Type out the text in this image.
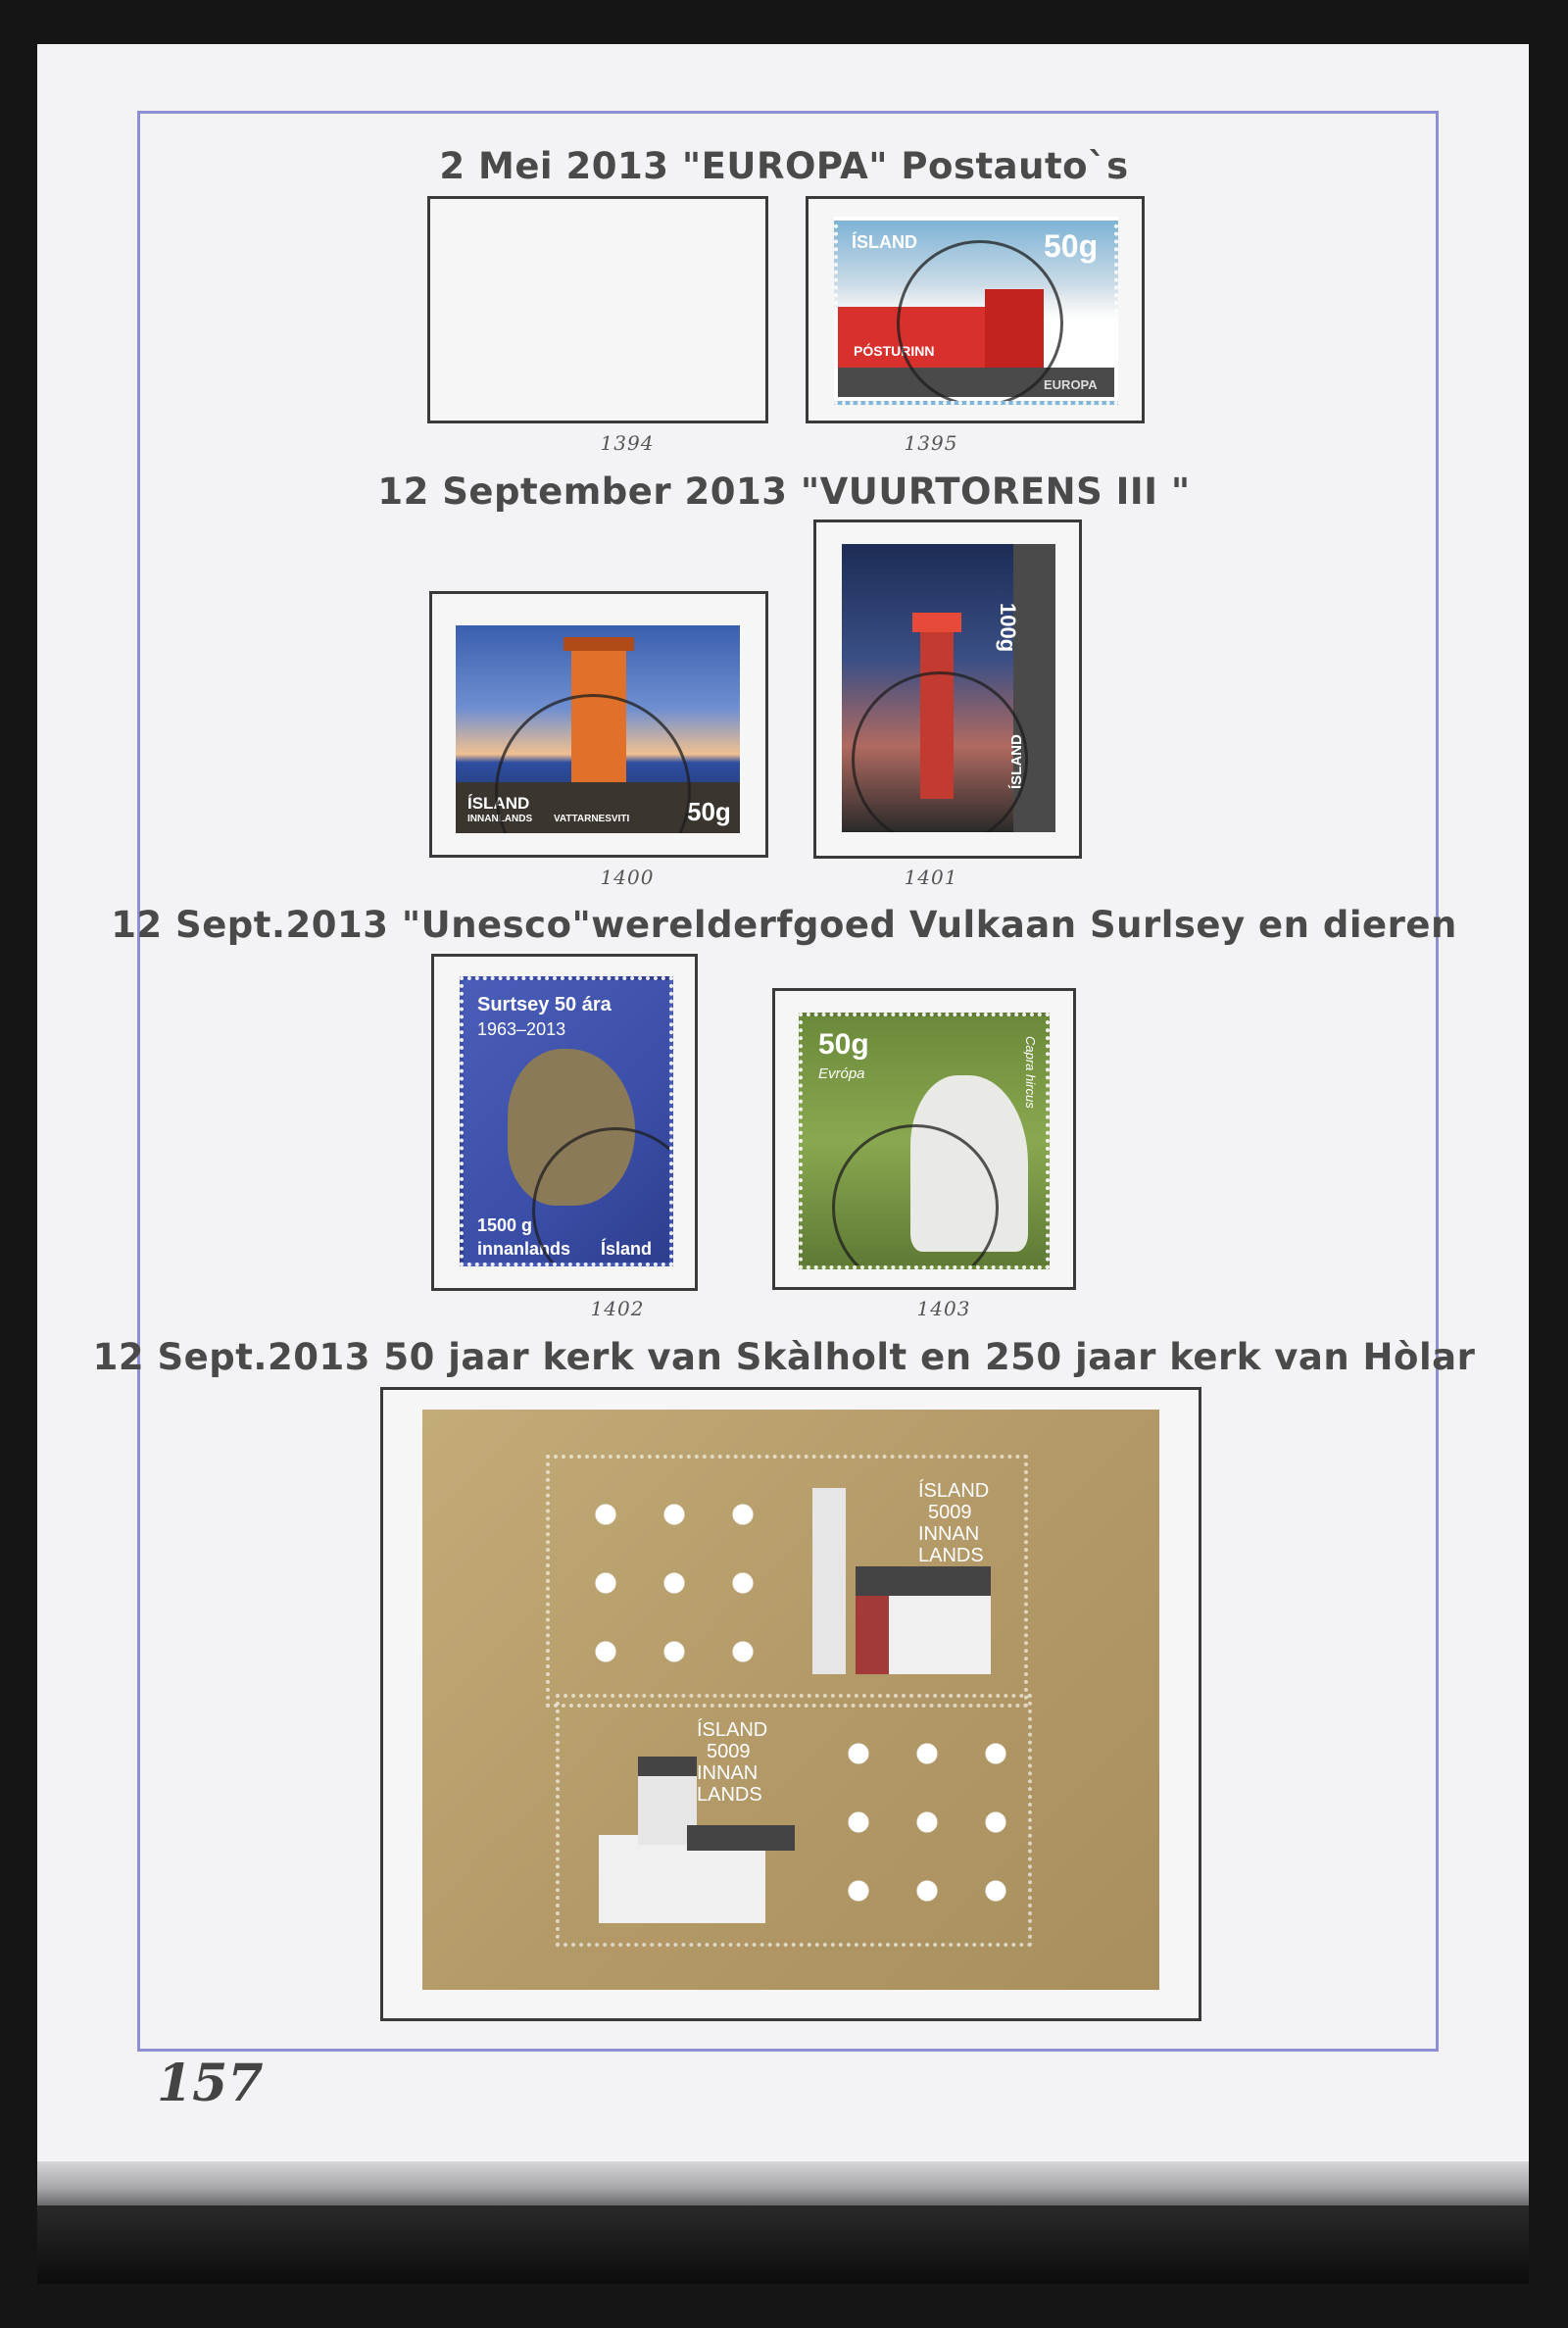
2 Mei 2013 "EUROPA" Postauto`s
1394
ÍSLAND	50g
PÓSTURINN
EUROPA
1395
12 September 2013 "VUURTORENS III "
ÍSLAND
INNANLANDS VATTARNESVITI 50g
1400
ÍSLAND
100g
1401
12 Sept.2013 "Unesco"werelderfgoed Vulkaan Surlsey en dieren
Surtsey 50 ára
1963–2013
1500 g
innanlands Ísland
1402
50g
Evrópa	Capra hircus
1403
12 Sept.2013 50 jaar kerk van Skàlholt en 250 jaar kerk van Hòlar
ÍSLAND
5009
INNAN
LANDS
ÍSLAND
5009
INNAN
LANDS
157
